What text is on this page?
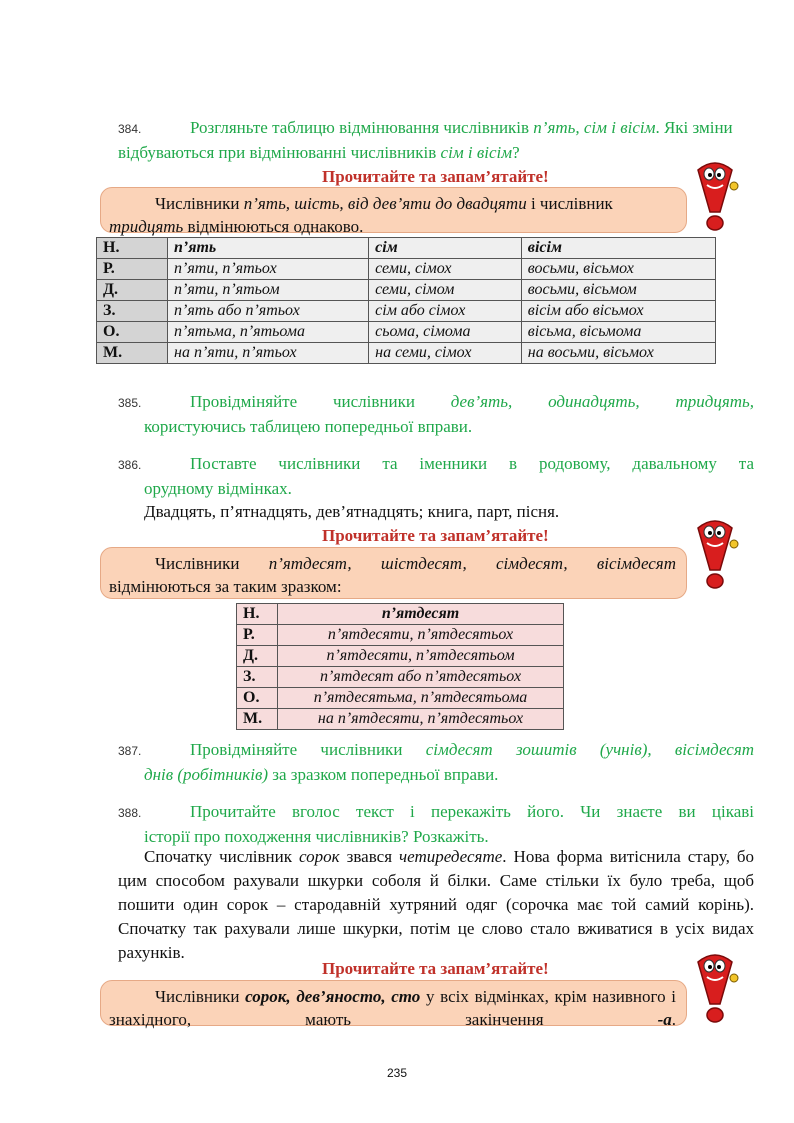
384.	Розгляньте таблицю відмінювання числівників п’ять, сім і вісім. Які зміни відбуваються при відмінюванні числівників сім і вісім?
Прочитайте та запам’ятайте!

Числівники п’ять, шість, від дев’яти до двадцяти і числівник

тридцять відмінюються однаково.
Н.	п’ять	сім	вісім
Р.	п’яти, п’ятьох	семи, сімох	восьми, вісьмох
Д.	п’яти, п’ятьом	семи, сімом	восьми, вісьмом
З.	п’ять або п’ятьох	сім або сімох	вісім або вісьмох
О.	п’ятьма, п’ятьома	сьома, сімома	вісьма, вісьмома
М.	на п’яти, п’ятьох	на семи, сімох	на восьми, вісьмох
385.	Провідміняйте числівники дев’ять, одинадцять, тридцять,
користуючись таблицею попередньої вправи.
386.	Поставте числівники та іменники в родовому, давальному та
орудному відмінках.
Двадцять, п’ятнадцять, дев’ятнадцять; книга, парт, пісня.
Прочитайте та запам’ятайте!

Числівники п’ятдесят, шістдесят, сімдесят, вісімдесят

відмінюються за таким зразком:
Н.	п’ятдесят
Р.	п’ятдесяти, п’ятдесятьох
Д.	п’ятдесяти, п’ятдесятьом
З.	п’ятдесят або п’ятдесятьох
О.	п’ятдесятьма, п’ятдесятьома
М.	на п’ятдесяти, п’ятдесятьох
387.	Провідміняйте числівники сімдесят зошитів (учнів), вісімдесят
днів (робітників) за зразком попередньої вправи.
388.	Прочитайте вголос текст і перекажіть його. Чи знаєте ви цікаві
історії про походження числівників? Розкажіть.
Спочатку числівник сорок звався четиредесяте. Нова форма витіснила стару, бо цим способом рахували шкурки соболя й білки. Саме стільки їх було треба, щоб пошити один сорок – стародавній хутряний одяг (сорочка має той самий корінь). Спочатку так рахували лише шкурки, потім це слово стало вживатися в усіх видах рахунків.
Прочитайте та запам’ятайте!

Числівники сорок, дев’яносто, сто у всіх відмінках, крім називного і знахідного, мають закінчення -а.

235
